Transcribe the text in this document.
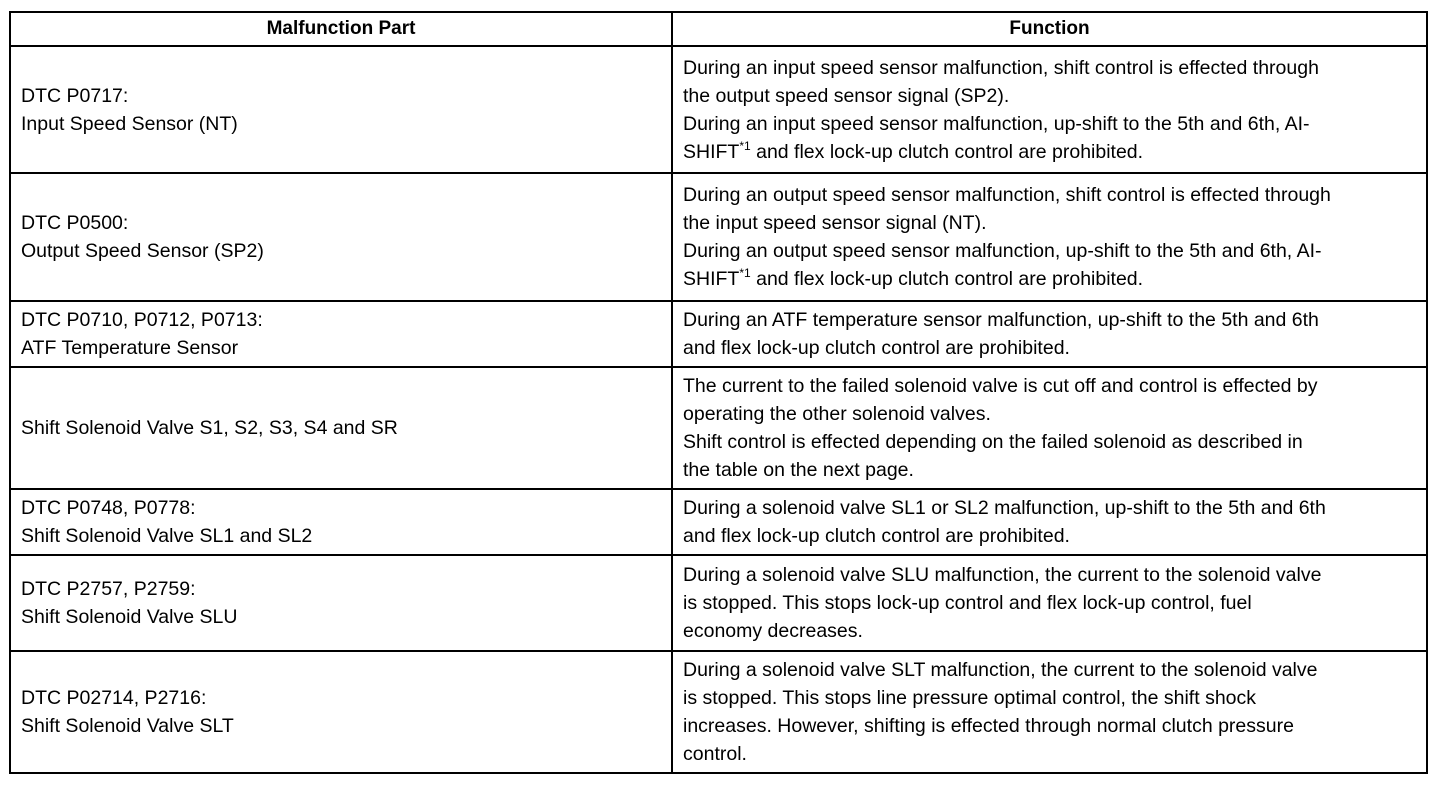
Malfunction Part	Function

DTC P0717:
Input Speed Sensor (NT)	During an input speed sensor malfunction, shift control is effected through
the output speed sensor signal (SP2).
During an input speed sensor malfunction, up-shift to the 5th and 6th, AI-
SHIFT$^{*1}$ and flex lock-up clutch control are prohibited.

DTC P0500:
Output Speed Sensor (SP2)	During an output speed sensor malfunction, shift control is effected through
the input speed sensor signal (NT).
During an output speed sensor malfunction, up-shift to the 5th and 6th, AI-
SHIFT$^{*1}$ and flex lock-up clutch control are prohibited.

DTC P0710, P0712, P0713:
ATF Temperature Sensor	During an ATF temperature sensor malfunction, up-shift to the 5th and 6th
and flex lock-up clutch control are prohibited.

Shift Solenoid Valve S1, S2, S3, S4 and SR	The current to the failed solenoid valve is cut off and control is effected by
operating the other solenoid valves.
Shift control is effected depending on the failed solenoid as described in
the table on the next page.

DTC P0748, P0778:
Shift Solenoid Valve SL1 and SL2	During a solenoid valve SL1 or SL2 malfunction, up-shift to the 5th and 6th
and flex lock-up clutch control are prohibited.

DTC P2757, P2759:
Shift Solenoid Valve SLU	During a solenoid valve SLU malfunction, the current to the solenoid valve
is stopped. This stops lock-up control and flex lock-up control, fuel
economy decreases.

DTC P02714, P2716:
Shift Solenoid Valve SLT	During a solenoid valve SLT malfunction, the current to the solenoid valve
is stopped. This stops line pressure optimal control, the shift shock
increases. However, shifting is effected through normal clutch pressure
control.
